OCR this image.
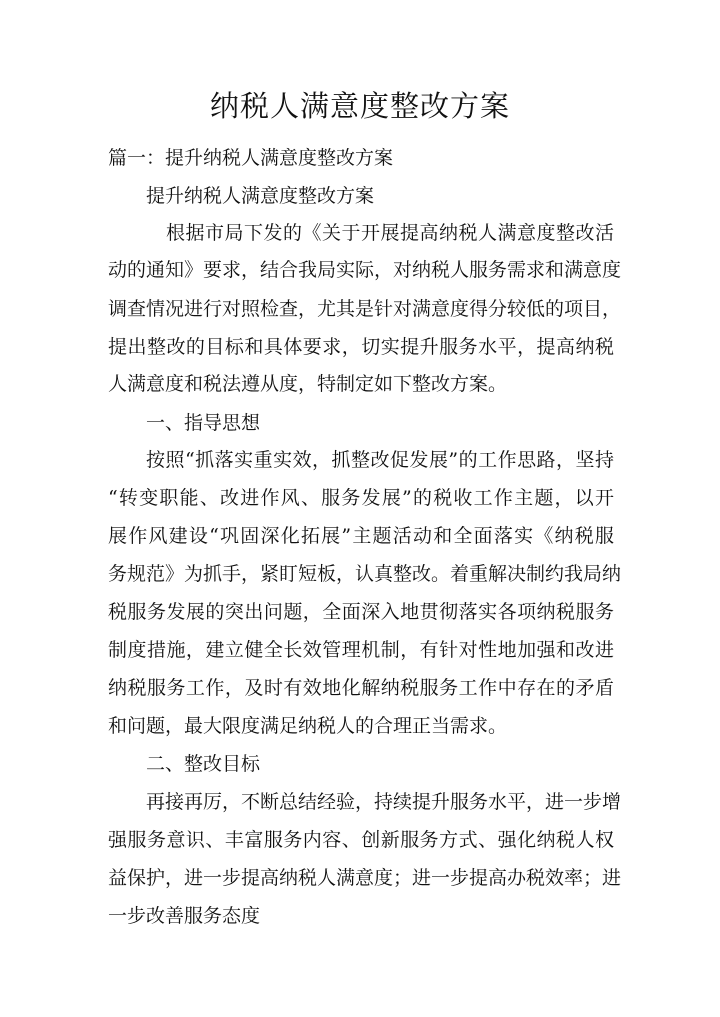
纳税人满意度整改方案
篇一：提升纳税人满意度整改方案
提升纳税人满意度整改方案
根据市局下发的《关于开展提高纳税人满意度整改活
动的通知》要求，结合我局实际，对纳税人服务需求和满意度
调查情况进行对照检查，尤其是针对满意度得分较低的项目，
提出整改的目标和具体要求，切实提升服务水平，提高纳税
人满意度和税法遵从度，特制定如下整改方案。
一、指导思想
按照“抓落实重实效，抓整改促发展”的工作思路，坚持
“转变职能、改进作风、服务发展”的税收工作主题，以开
展作风建设“巩固深化拓展”主题活动和全面落实《纳税服
务规范》为抓手，紧盯短板，认真整改。着重解决制约我局纳
税服务发展的突出问题，全面深入地贯彻落实各项纳税服务
制度措施，建立健全长效管理机制，有针对性地加强和改进
纳税服务工作，及时有效地化解纳税服务工作中存在的矛盾
和问题，最大限度满足纳税人的合理正当需求。
二、整改目标
再接再厉，不断总结经验，持续提升服务水平，进一步增
强服务意识、丰富服务内容、创新服务方式、强化纳税人权
益保护，进一步提高纳税人满意度；进一步提高办税效率；进
一步改善服务态度
